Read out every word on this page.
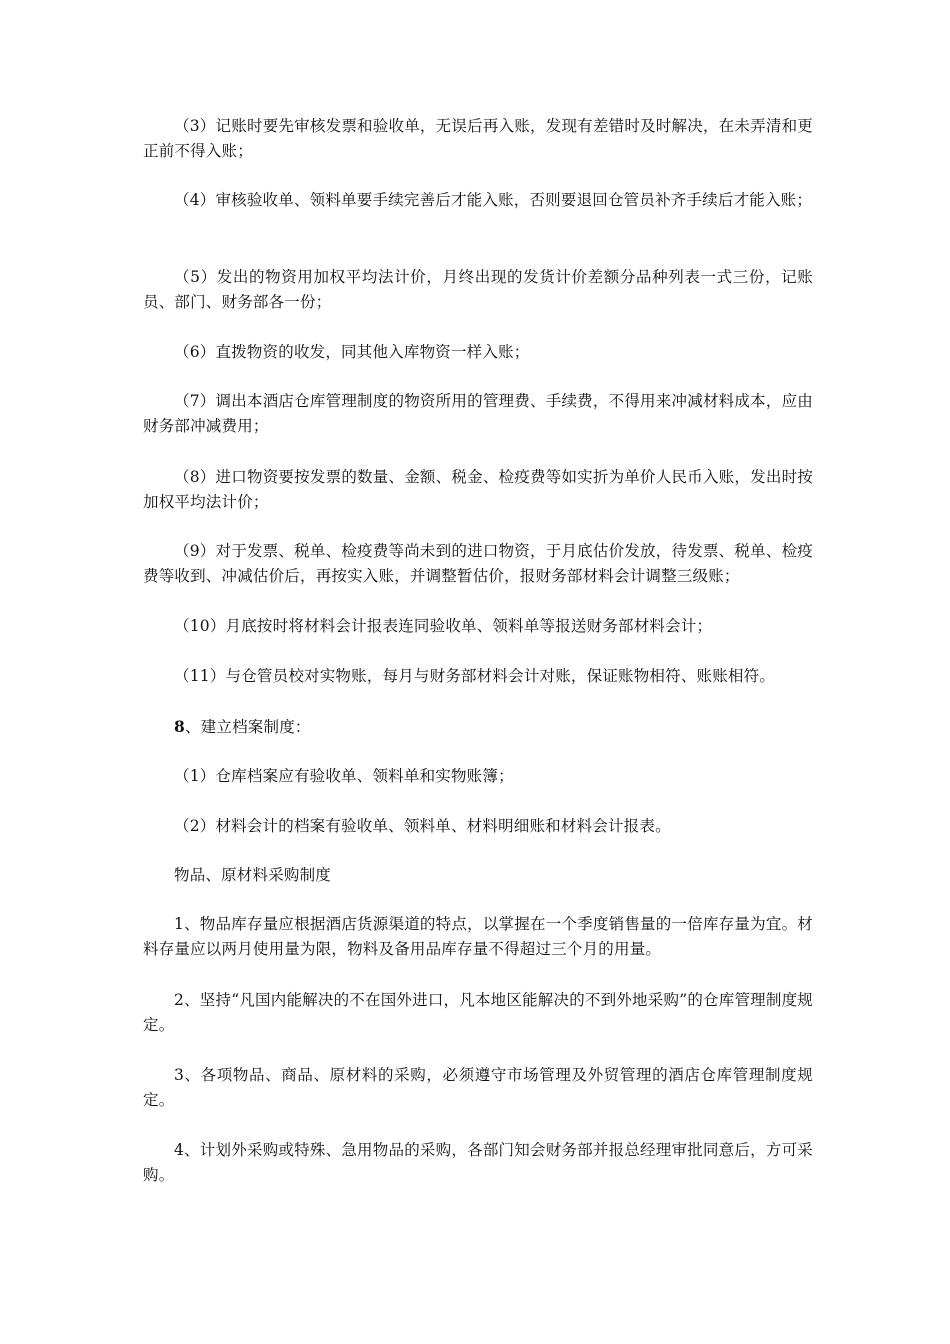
（3）记账时要先审核发票和验收单，无误后再入账，发现有差错时及时解决，在未弄清和更正前不得入账；

（4）审核验收单、领料单要手续完善后才能入账，否则要退回仓管员补齐手续后才能入账；

（5）发出的物资用加权平均法计价，月终出现的发货计价差额分品种列表一式三份，记账员、部门、财务部各一份；

（6）直拨物资的收发，同其他入库物资一样入账；

（7）调出本酒店仓库管理制度的物资所用的管理费、手续费，不得用来冲减材料成本，应由财务部冲减费用；

（8）进口物资要按发票的数量、金额、税金、检疫费等如实折为单价人民币入账，发出时按加权平均法计价；

（9）对于发票、税单、检疫费等尚未到的进口物资，于月底估价发放，待发票、税单、检疫费等收到、冲减估价后，再按实入账，并调整暂估价，报财务部材料会计调整三级账；

（10）月底按时将材料会计报表连同验收单、领料单等报送财务部材料会计；

（11）与仓管员校对实物账，每月与财务部材料会计对账，保证账物相符、账账相符。

8、建立档案制度：

（1）仓库档案应有验收单、领料单和实物账簿；

（2）材料会计的档案有验收单、领料单、材料明细账和材料会计报表。

物品、原材料采购制度

1、物品库存量应根据酒店货源渠道的特点，以掌握在一个季度销售量的一倍库存量为宜。材料存量应以两月使用量为限，物料及备用品库存量不得超过三个月的用量。

2、坚持“凡国内能解决的不在国外进口，凡本地区能解决的不到外地采购”的仓库管理制度规定。

3、各项物品、商品、原材料的采购，必须遵守市场管理及外贸管理的酒店仓库管理制度规定。

4、计划外采购或特殊、急用物品的采购，各部门知会财务部并报总经理审批同意后，方可采购。
